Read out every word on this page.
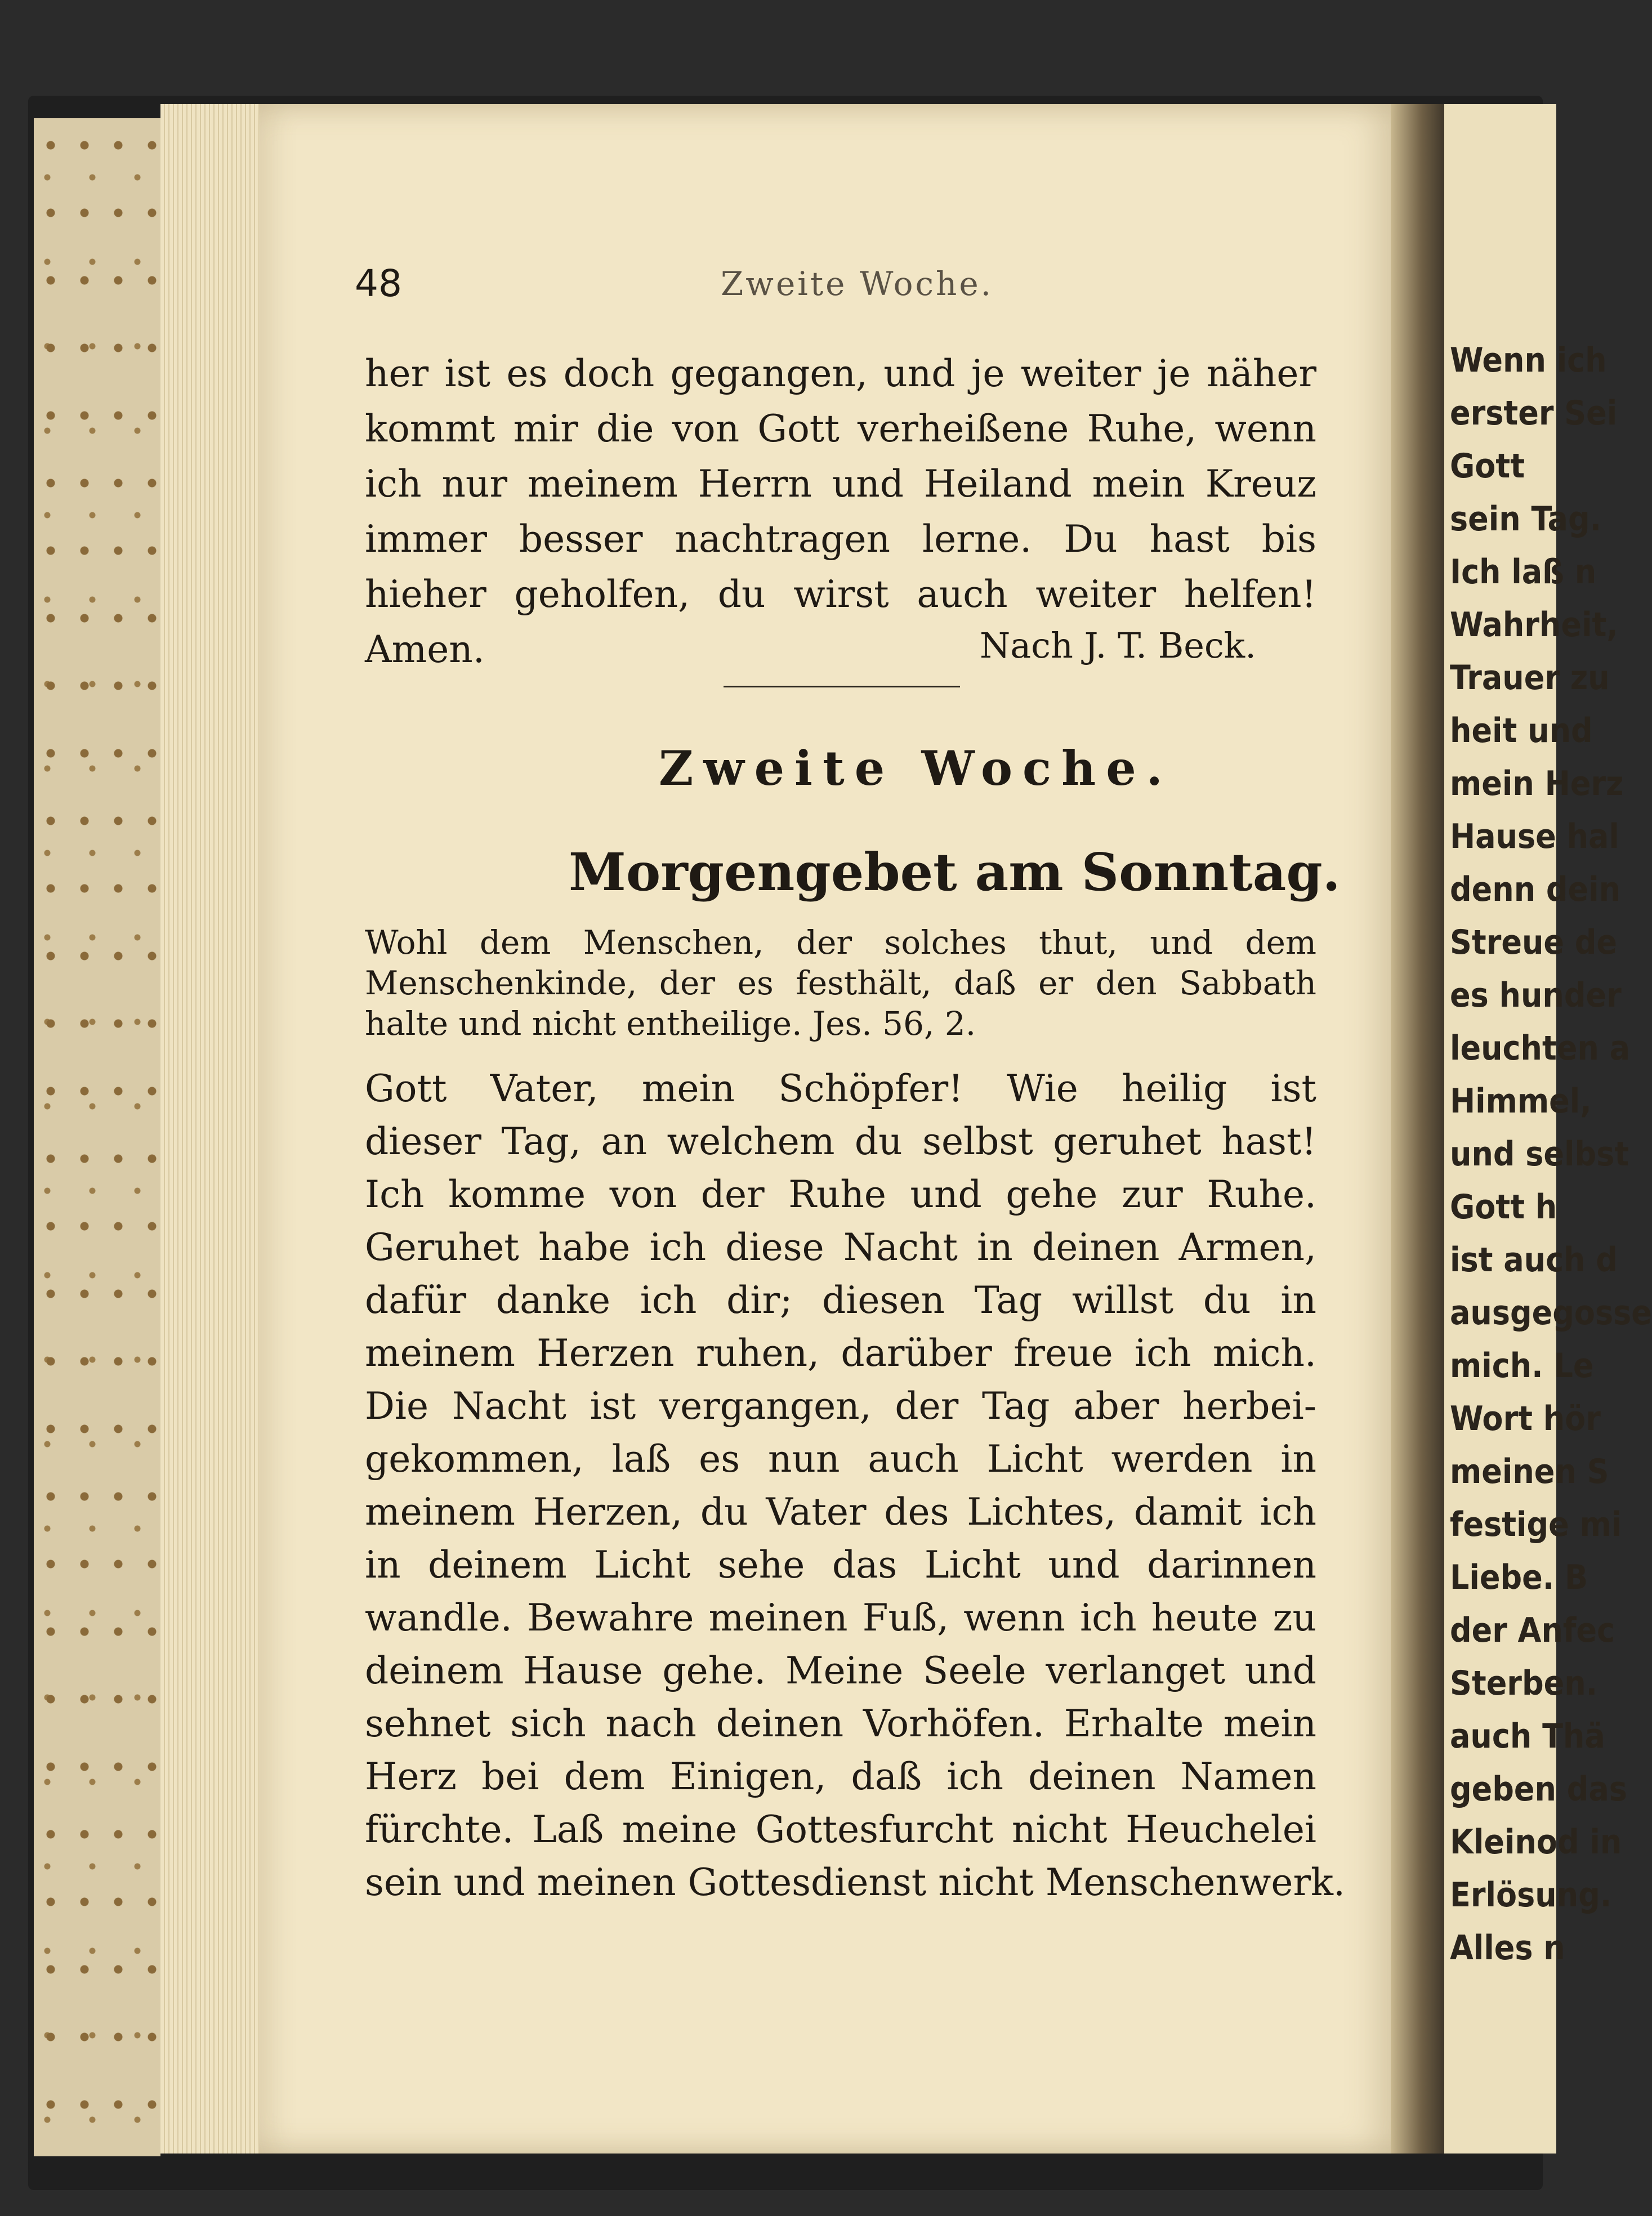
Wenn ich
erster Sei
Gott
sein Tag.
Ich laß n
Wahrheit,
Trauer zu
heit und
mein Herz
Hause hal
denn dein
Streue de
es hunder
leuchten a
Himmel,
und selbst
Gott h
ist auch d
ausgegosse
mich. Le
Wort hör
meinen S
festige mi
Liebe. B
der Anfec
Sterben.
auch Thä
geben das
Kleinod in
Erlösung.
Alles n
48	Zweite Woche.
her ist es doch gegangen, und je weiter je näher
kommt mir die von Gott verheißene Ruhe, wenn
ich nur meinem Herrn und Heiland mein Kreuz
immer besser nachtragen lerne. Du hast bis
hieher geholfen, du wirst auch weiter helfen!
Amen.	Nach J. T. Beck.
Zweite Woche.
Morgengebet am Sonntag.
Wohl dem Menschen, der solches thut, und dem
Menschenkinde, der es festhält, daß er den Sabbath
halte und nicht entheilige. Jes. 56, 2.
Gott Vater, mein Schöpfer! Wie heilig ist
dieser Tag, an welchem du selbst geruhet hast!
Ich komme von der Ruhe und gehe zur Ruhe.
Geruhet habe ich diese Nacht in deinen Armen,
dafür danke ich dir; diesen Tag willst du in
meinem Herzen ruhen, darüber freue ich mich.
Die Nacht ist vergangen, der Tag aber herbei-
gekommen, laß es nun auch Licht werden in
meinem Herzen, du Vater des Lichtes, damit ich
in deinem Licht sehe das Licht und darinnen
wandle. Bewahre meinen Fuß, wenn ich heute zu
deinem Hause gehe. Meine Seele verlanget und
sehnet sich nach deinen Vorhöfen. Erhalte mein
Herz bei dem Einigen, daß ich deinen Namen
fürchte. Laß meine Gottesfurcht nicht Heuchelei
sein und meinen Gottesdienst nicht Menschenwerk.
